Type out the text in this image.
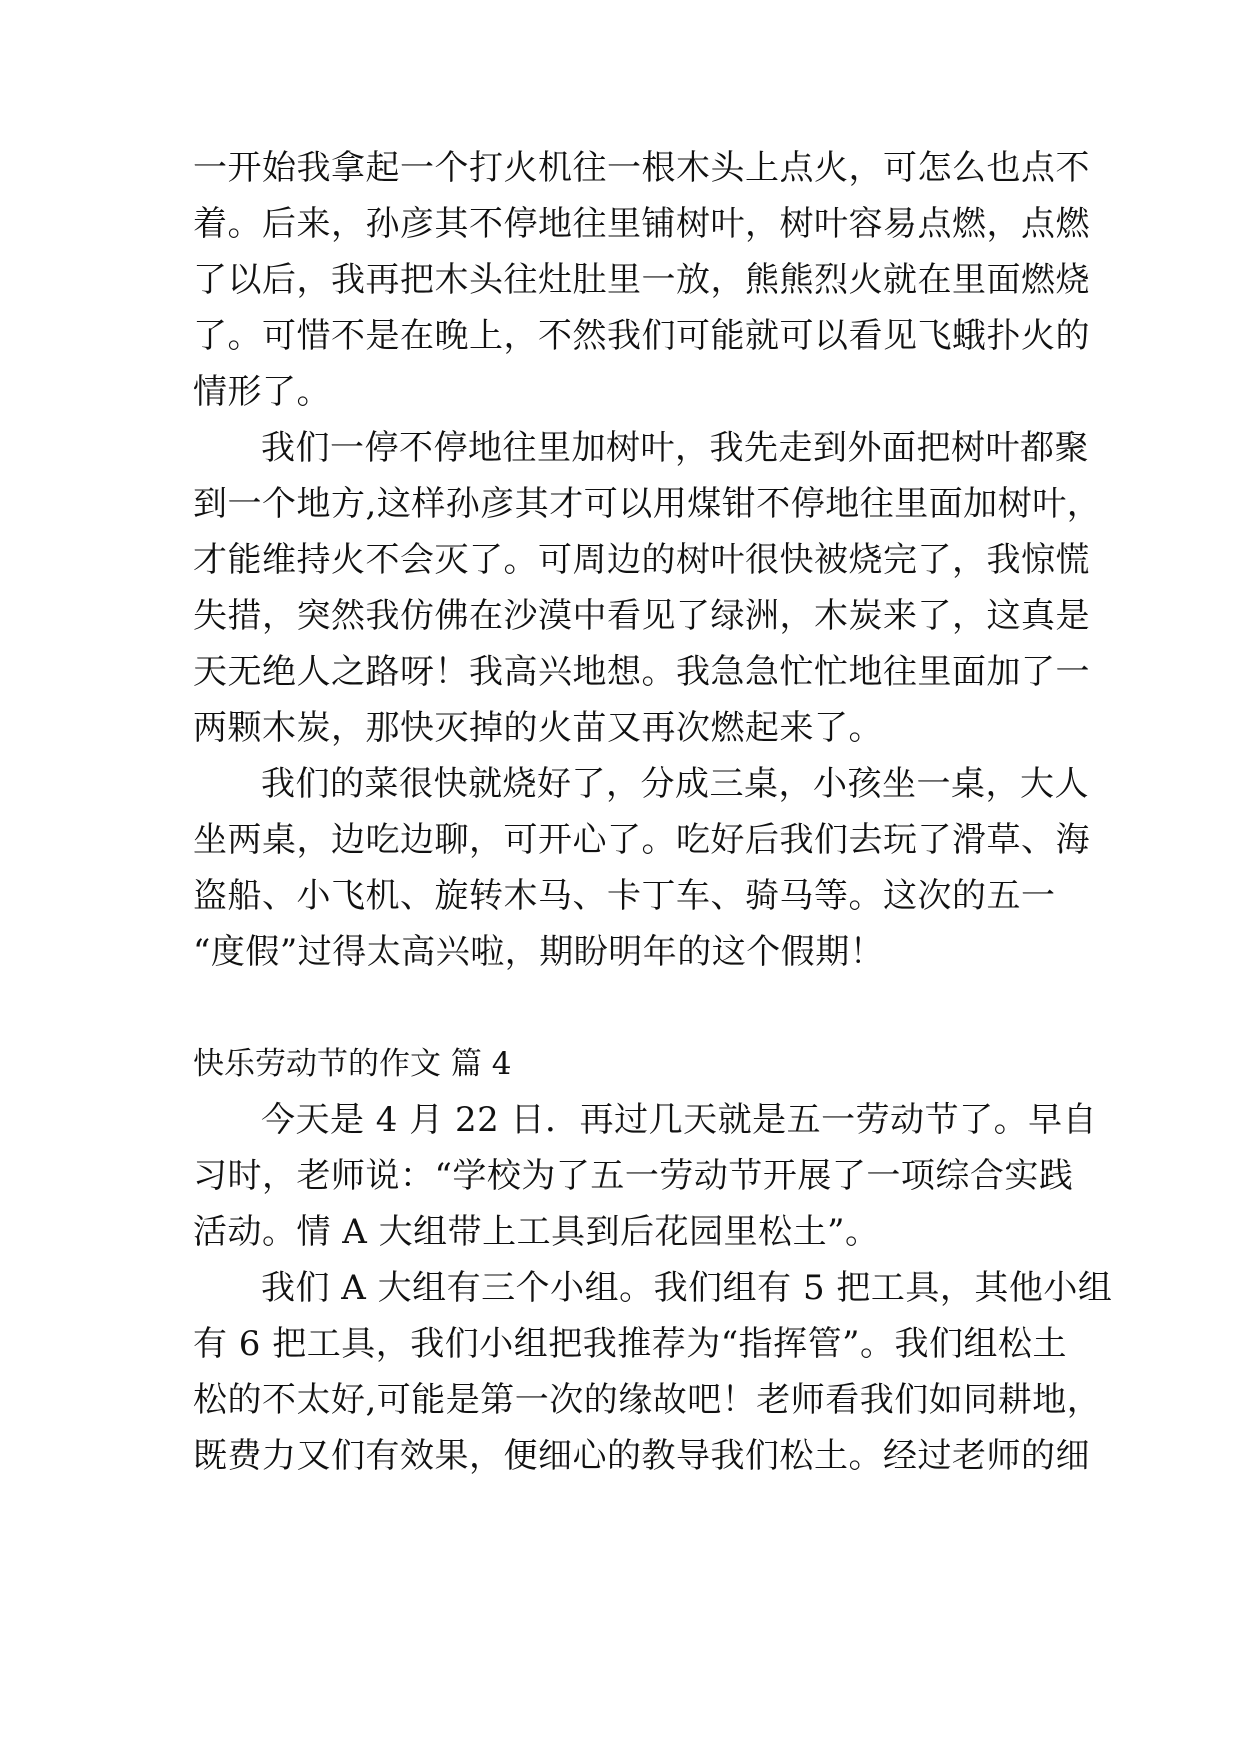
一开始我拿起一个打火机往一根木头上点火，可怎么也点不
着。后来，孙彦其不停地往里铺树叶，树叶容易点燃，点燃
了以后，我再把木头往灶肚里一放，熊熊烈火就在里面燃烧
了。可惜不是在晚上，不然我们可能就可以看见飞蛾扑火的
情形了。
我们一停不停地往里加树叶，我先走到外面把树叶都聚
到一个地方,这样孙彦其才可以用煤钳不停地往里面加树叶，
才能维持火不会灭了。可周边的树叶很快被烧完了，我惊慌
失措，突然我仿佛在沙漠中看见了绿洲，木炭来了，这真是
天无绝人之路呀！我高兴地想。我急急忙忙地往里面加了一
两颗木炭，那快灭掉的火苗又再次燃起来了。
我们的菜很快就烧好了，分成三桌，小孩坐一桌，大人
坐两桌，边吃边聊，可开心了。吃好后我们去玩了滑草、海
盗船、小飞机、旋转木马、卡丁车、骑马等。这次的五一
“度假”过得太高兴啦，期盼明年的这个假期！
快乐劳动节的作文 篇 4
今天是 4 月 22 日．再过几天就是五一劳动节了。早自
习时，老师说：“学校为了五一劳动节开展了一项综合实践
活动。情 A 大组带上工具到后花园里松土”。
我们 A 大组有三个小组。我们组有 5 把工具，其他小组
有 6 把工具，我们小组把我推荐为“指挥管”。我们组松土
松的不太好,可能是第一次的缘故吧！老师看我们如同耕地，
既费力又们有效果，便细心的教导我们松土。经过老师的细
